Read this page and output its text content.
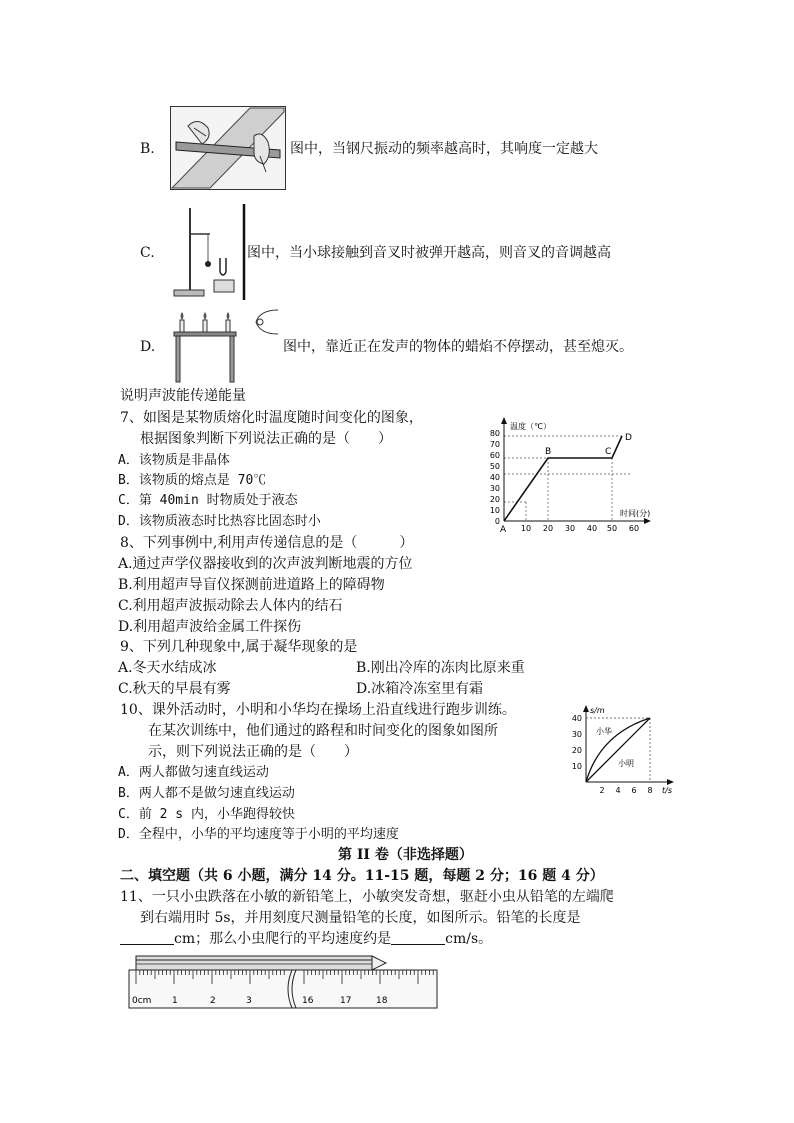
B.	图中，当钢尺振动的频率越高时，其响度一定越大
C.	图中，当小球接触到音叉时被弹开越高，则音叉的音调越高
D.	图中，靠近正在发声的物体的蜡焰不停摆动，甚至熄灭。
说明声波能传递能量
7、如图是某物质熔化时温度随时间变化的图象，
根据图象判断下列说法正确的是（　　）
A．该物质是非晶体
B．该物质的熔点是 70℃
C．第 40min 时物质处于液态
D．该物质液态时比热容比固态时小
温度（℃）
时间(分)
0
10
20
30
40
50
60
70
80
10 20 30 40 50 60
A
B	C
D
8、下列事例中,利用声传递信息的是（　　　）
A.通过声学仪器接收到的次声波判断地震的方位
B.利用超声导盲仪探测前进道路上的障碍物
C.利用超声波振动除去人体内的结石
D.利用超声波给金属工件探伤
9、下列几种现象中,属于凝华现象的是
A.冬天水结成冰	B.刚出冷库的冻肉比原来重
C.秋天的早晨有雾	D.冰箱冷冻室里有霜
10、课外活动时，小明和小华均在操场上沿直线进行跑步训练。
在某次训练中，他们通过的路程和时间变化的图象如图所
示，则下列说法正确的是（　　）
A．两人都做匀速直线运动
B．两人都不是做匀速直线运动
C．前 2 s 内，小华跑得较快
D．全程中，小华的平均速度等于小明的平均速度
s/m
t/s
10
20
30
40
2 4 6 8
小华
小明
第 II 卷（非选择题）
二、填空题（共 6 小题，满分 14 分。11-15 题，每题 2 分；16 题 4 分）
11、一只小虫跌落在小敏的新铅笔上，小敏突发奇想，驱赶小虫从铅笔的左端爬
到右端用时 5s，并用刻度尺测量铅笔的长度，如图所示。铅笔的长度是
cm；那么小虫爬行的平均速度约是	cm/s。
0cm 1	2	3	16	17	18
